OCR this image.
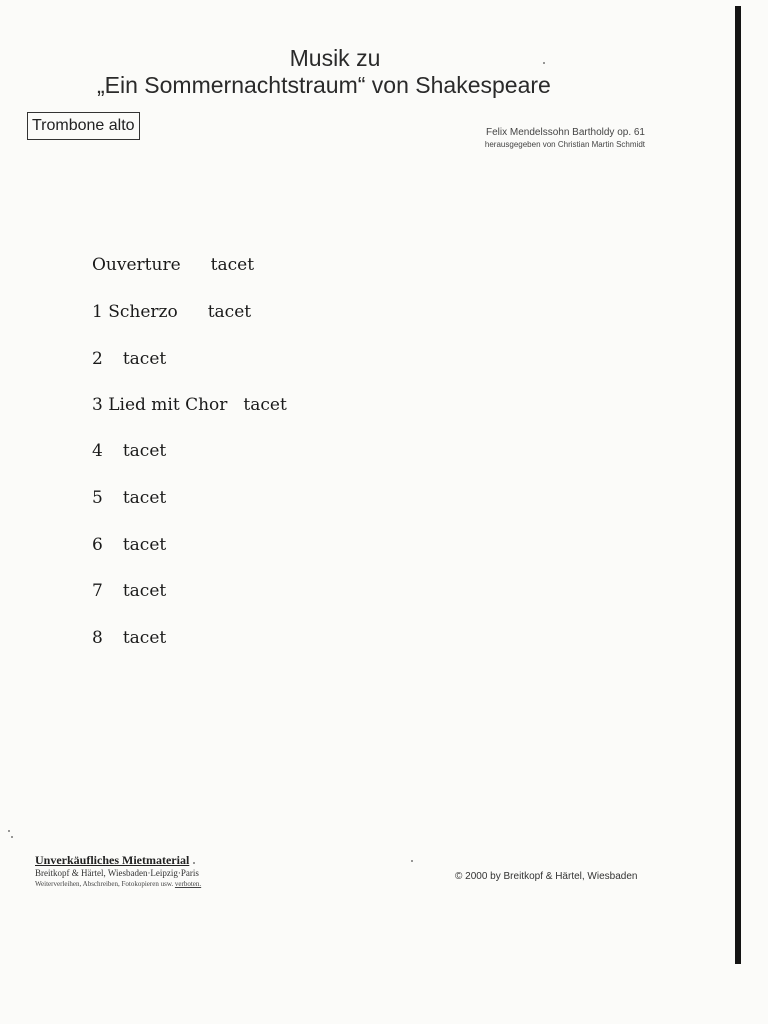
Musik zu
„Ein Sommernachtstraum“ von Shakespeare
Trombone alto	Felix Mendelssohn Bartholdy op. 61
herausgegeben von Christian Martin Schmidt
Ouverture tacet
1 Scherzo tacet
2 tacet
3 Lied mit Chor tacet
4 tacet
5 tacet
6 tacet
7 tacet
8 tacet
Unverkäufliches Mietmaterial
Breitkopf & Härtel, Wiesbaden·Leipzig·Paris
Weiterverleihen, Abschreiben, Fotokopieren usw. verboten.
© 2000 by Breitkopf & Härtel, Wiesbaden
